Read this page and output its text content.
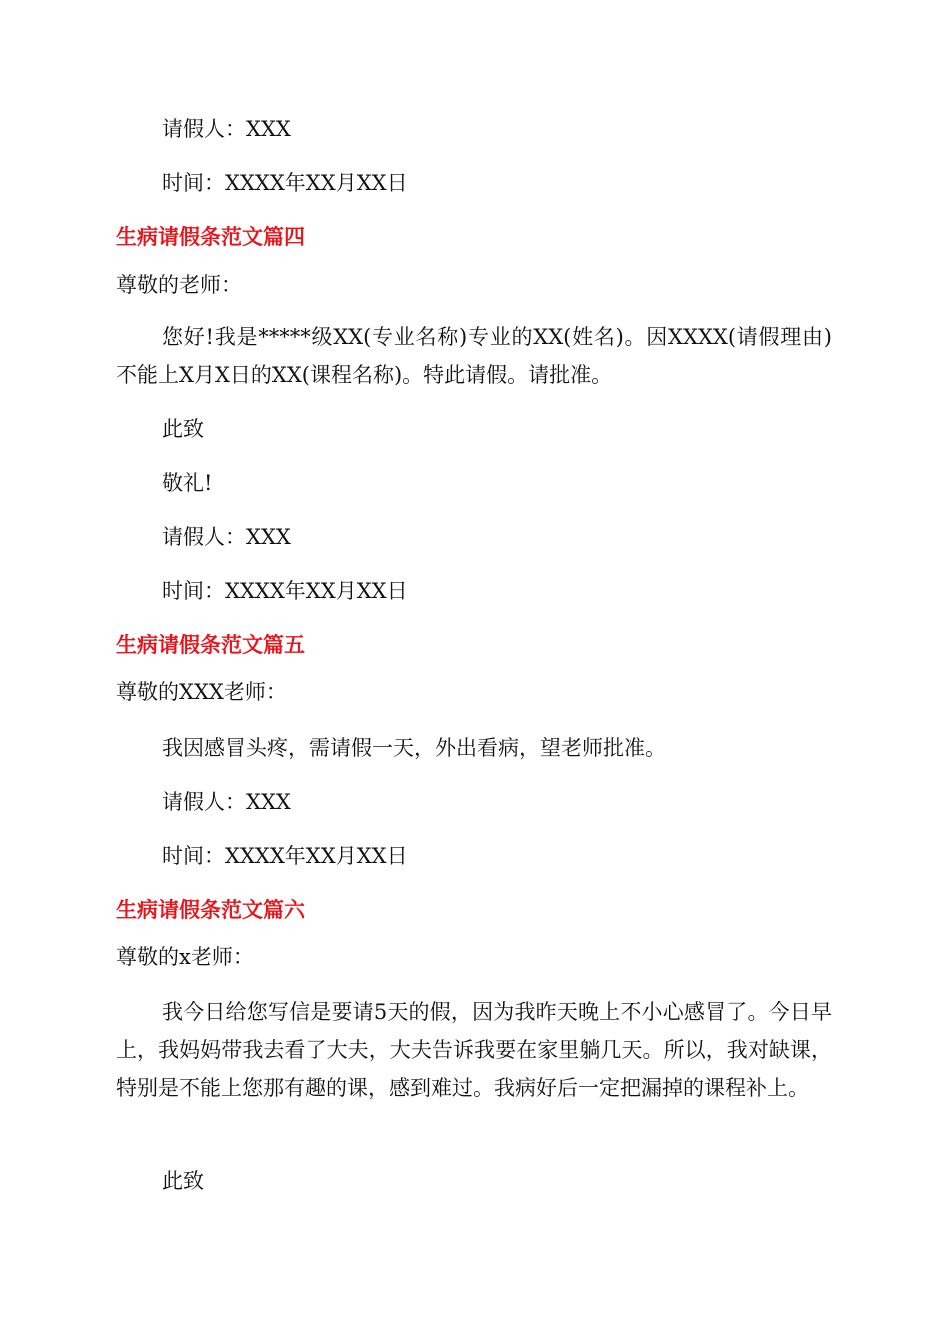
请假人：XXX
时间：XXXX年XX月XX日
生病请假条范文篇四
尊敬的老师：
您好!我是*****级XX(专业名称)专业的XX(姓名)。因XXXX(请假理由)不能上X月X日的XX(课程名称)。特此请假。请批准。
此致
敬礼!
请假人：XXX
时间：XXXX年XX月XX日
生病请假条范文篇五
尊敬的XXX老师：
我因感冒头疼，需请假一天，外出看病，望老师批准。
请假人：XXX
时间：XXXX年XX月XX日
生病请假条范文篇六
尊敬的x老师：
我今日给您写信是要请5天的假，因为我昨天晚上不小心感冒了。今日早上，我妈妈带我去看了大夫，大夫告诉我要在家里躺几天。所以，我对缺课，特别是不能上您那有趣的课，感到难过。我病好后一定把漏掉的课程补上。
此致
